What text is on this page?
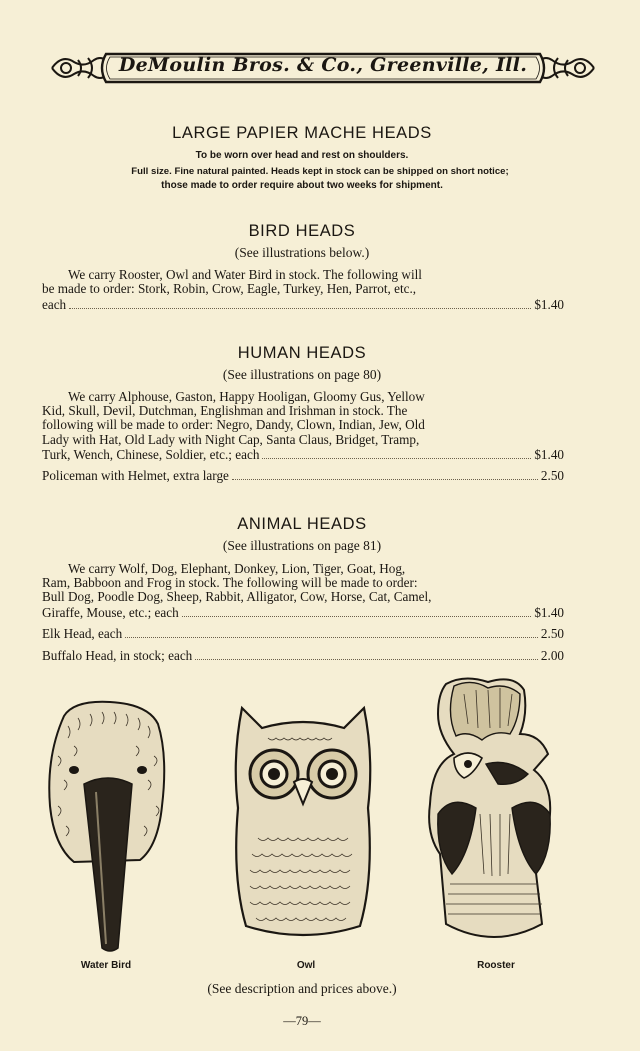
DeMoulin Bros. & Co., Greenville, Ill.
LARGE PAPIER MACHE HEADS
To be worn over head and rest on shoulders.
Full size. Fine natural painted. Heads kept in stock can be shipped on short notice;
those made to order require about two weeks for shipment.
BIRD HEADS
(See illustrations below.)
We carry Rooster, Owl and Water Bird in stock. The following will
be made to order: Stork, Robin, Crow, Eagle, Turkey, Hen, Parrot, etc.,
each	$1.40
HUMAN HEADS
(See illustrations on page 80)
We carry Alphouse, Gaston, Happy Hooligan, Gloomy Gus, Yellow
Kid, Skull, Devil, Dutchman, Englishman and Irishman in stock. The
following will be made to order: Negro, Dandy, Clown, Indian, Jew, Old
Lady with Hat, Old Lady with Night Cap, Santa Claus, Bridget, Tramp,
Turk, Wench, Chinese, Soldier, etc.; each	$1.40
Policeman with Helmet, extra large	2.50
ANIMAL HEADS
(See illustrations on page 81)
We carry Wolf, Dog, Elephant, Donkey, Lion, Tiger, Goat, Hog,
Ram, Babboon and Frog in stock. The following will be made to order:
Bull Dog, Poodle Dog, Sheep, Rabbit, Alligator, Cow, Horse, Cat, Camel,
Giraffe, Mouse, etc.; each	$1.40
Elk Head, each	2.50
Buffalo Head, in stock; each	2.00
Water Bird	Owl	Rooster
(See description and prices above.)
—79—
